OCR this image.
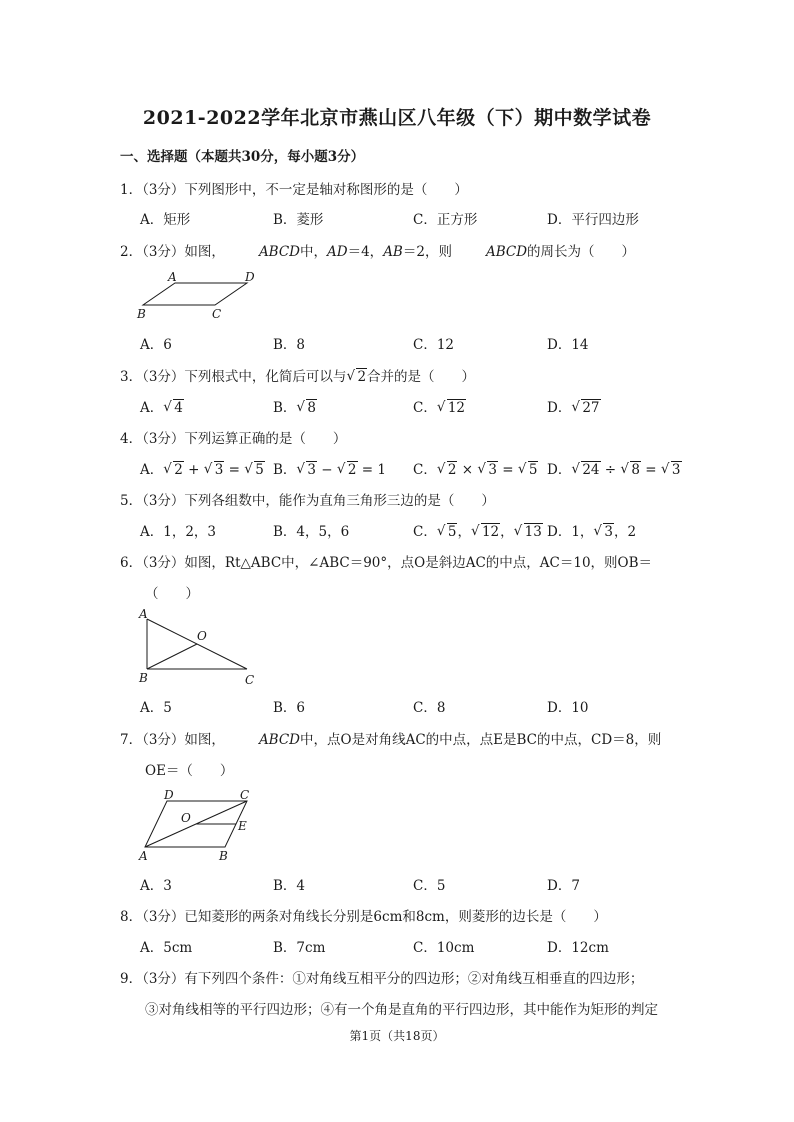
2021-2022学年北京市燕山区八年级（下）期中数学试卷
一、选择题（本题共30分，每小题3分）
1．（3分）下列图形中，不一定是轴对称图形的是（　　）
A．矩形	B．菱形	C．正方形	D．平行四边形
2．（3分）如图，	ABCD中，AD＝4，AB＝2，则	ABCD的周长为（　　）
A	D
B	C
A．6	B．8	C．12	D．14
3．（3分）下列根式中，化简后可以与 √ 2合并的是（　　）
A． √ 4	B． √ 8	C． √ 12	D． √ 27
4．（3分）下列运算正确的是（　　）
A． √ 2 + √ 3 = √ 5 B． √ 3 − √ 2 = 1 C． √ 2 × √ 3 = √ 5 D． √ 24 ÷ √ 8 = √ 3
5．（3分）下列各组数中，能作为直角三角形三边的是（　　）
A．1，2，3	B．4，5，6	C． √ 5， √ 12， √ 13 D．1， √ 3，2
6．（3分）如图，Rt△ABC中，∠ABC＝90°，点O是斜边AC的中点，AC＝10，则OB＝
（　　）
A
O
B	C
A．5	B．6	C．8	D．10
7．（3分）如图，	ABCD中，点O是对角线AC的中点，点E是BC的中点，CD＝8，则
OE＝（　　）
D	C
O
E
A	B
A．3	B．4	C．5	D．7
8．（3分）已知菱形的两条对角线长分别是6cm和8cm，则菱形的边长是（　　）
A．5cm	B．7cm	C．10cm	D．12cm
9．（3分）有下列四个条件：①对角线互相平分的四边形；②对角线互相垂直的四边形；
③对角线相等的平行四边形；④有一个角是直角的平行四边形，其中能作为矩形的判定
第1页（共18页）
